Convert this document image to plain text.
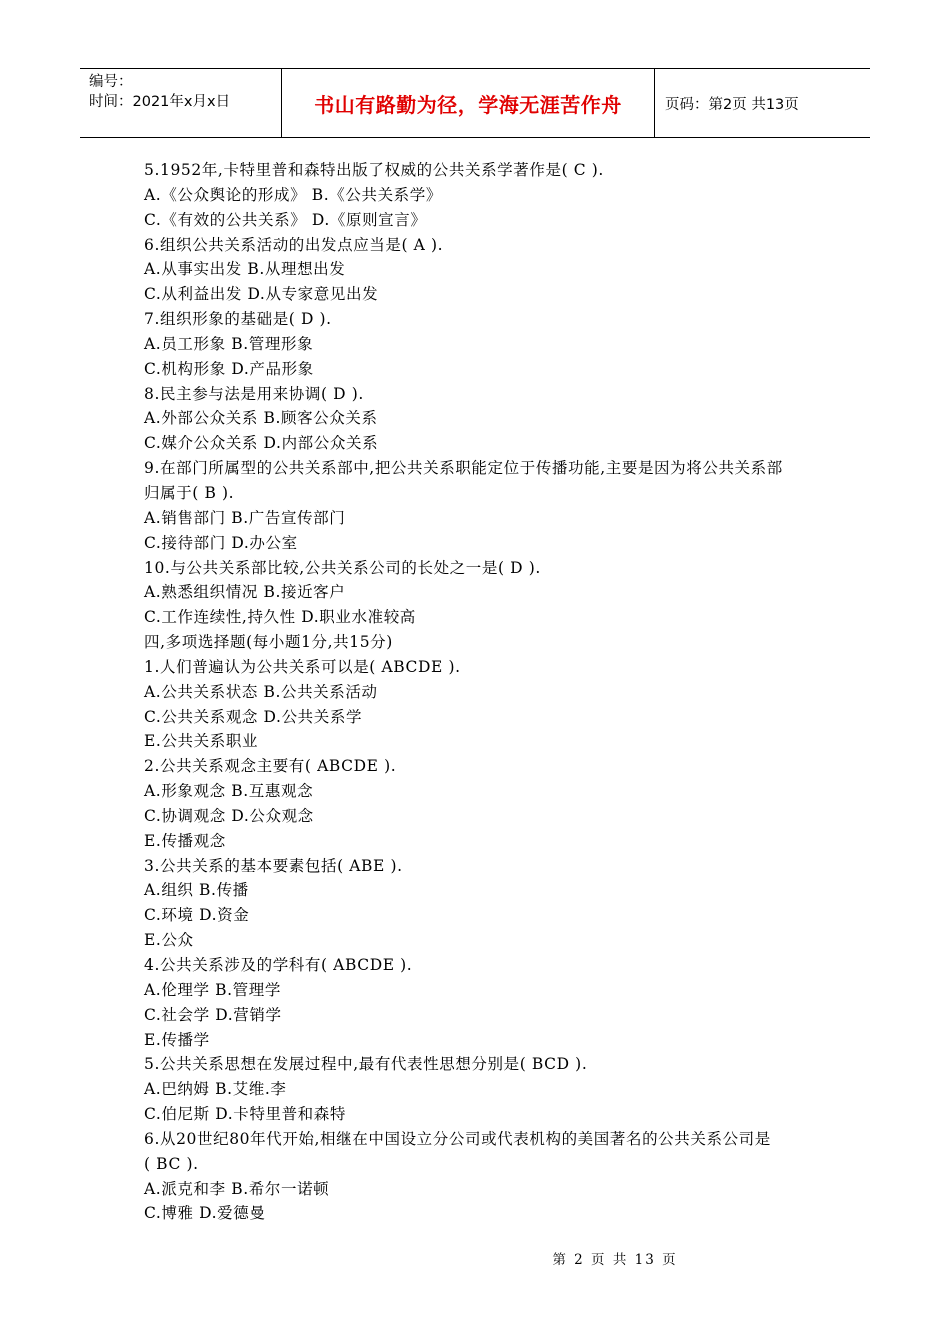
编号：
时间：2021年x月x日	书山有路勤为径，学海无涯苦作舟	页码：第2页 共13页
5.1952年,卡特里普和森特出版了权威的公共关系学著作是( C ).
A.《公众舆论的形成》 B.《公共关系学》
C.《有效的公共关系》 D.《原则宣言》
6.组织公共关系活动的出发点应当是( A ).
A.从事实出发 B.从理想出发
C.从利益出发 D.从专家意见出发
7.组织形象的基础是( D ).
A.员工形象 B.管理形象
C.机构形象 D.产品形象
8.民主参与法是用来协调( D ).
A.外部公众关系 B.顾客公众关系
C.媒介公众关系 D.内部公众关系
9.在部门所属型的公共关系部中,把公共关系职能定位于传播功能,主要是因为将公共关系部
归属于( B ).
A.销售部门 B.广告宣传部门
C.接待部门 D.办公室
10.与公共关系部比较,公共关系公司的长处之一是( D ).
A.熟悉组织情况 B.接近客户
C.工作连续性,持久性 D.职业水准较高
四,多项选择题(每小题1分,共15分)
1.人们普遍认为公共关系可以是( ABCDE ).
A.公共关系状态 B.公共关系活动
C.公共关系观念 D.公共关系学
E.公共关系职业
2.公共关系观念主要有( ABCDE ).
A.形象观念 B.互惠观念
C.协调观念 D.公众观念
E.传播观念
3.公共关系的基本要素包括( ABE ).
A.组织 B.传播
C.环境 D.资金
E.公众
4.公共关系涉及的学科有( ABCDE ).
A.伦理学 B.管理学
C.社会学 D.营销学
E.传播学
5.公共关系思想在发展过程中,最有代表性思想分别是( BCD ).
A.巴纳姆 B.艾维.李
C.伯尼斯 D.卡特里普和森特
6.从20世纪80年代开始,相继在中国设立分公司或代表机构的美国著名的公共关系公司是
( BC ).
A.派克和李 B.希尔一诺顿
C.博雅 D.爱德曼
第 2 页 共 13 页
